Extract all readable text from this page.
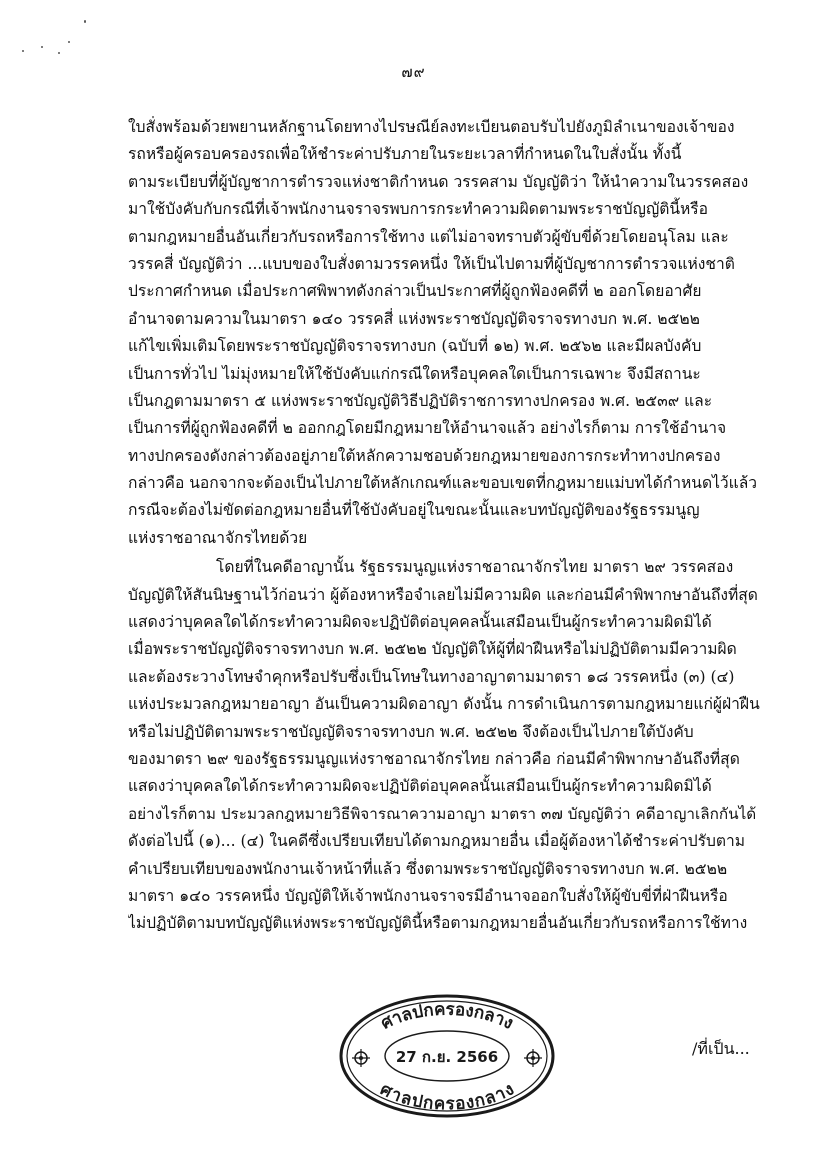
๗๙
ใบสั่งพร้อมด้วยพยานหลักฐานโดยทางไปรษณีย์ลงทะเบียนตอบรับไปยังภูมิลำเนาของเจ้าของ
รถหรือผู้ครอบครองรถเพื่อให้ชำระค่าปรับภายในระยะเวลาที่กำหนดในใบสั่งนั้น ทั้งนี้
ตามระเบียบที่ผู้บัญชาการตำรวจแห่งชาติกำหนด วรรคสาม บัญญัติว่า ให้นำความในวรรคสอง
มาใช้บังคับกับกรณีที่เจ้าพนักงานจราจรพบการกระทำความผิดตามพระราชบัญญัตินี้หรือ
ตามกฎหมายอื่นอันเกี่ยวกับรถหรือการใช้ทาง แต่ไม่อาจทราบตัวผู้ขับขี่ด้วยโดยอนุโลม และ
วรรคสี่ บัญญัติว่า ...แบบของใบสั่งตามวรรคหนึ่ง ให้เป็นไปตามที่ผู้บัญชาการตำรวจแห่งชาติ
ประกาศกำหนด เมื่อประกาศพิพาทดังกล่าวเป็นประกาศที่ผู้ถูกฟ้องคดีที่ ๒ ออกโดยอาศัย
อำนาจตามความในมาตรา ๑๔๐ วรรคสี่ แห่งพระราชบัญญัติจราจรทางบก พ.ศ. ๒๕๒๒
แก้ไขเพิ่มเติมโดยพระราชบัญญัติจราจรทางบก (ฉบับที่ ๑๒) พ.ศ. ๒๕๖๒ และมีผลบังคับ
เป็นการทั่วไป ไม่มุ่งหมายให้ใช้บังคับแก่กรณีใดหรือบุคคลใดเป็นการเฉพาะ จึงมีสถานะ
เป็นกฎตามมาตรา ๕ แห่งพระราชบัญญัติวิธีปฏิบัติราชการทางปกครอง พ.ศ. ๒๕๓๙ และ
เป็นการที่ผู้ถูกฟ้องคดีที่ ๒ ออกกฎโดยมีกฎหมายให้อำนาจแล้ว อย่างไรก็ตาม การใช้อำนาจ
ทางปกครองดังกล่าวต้องอยู่ภายใต้หลักความชอบด้วยกฎหมายของการกระทำทางปกครอง
กล่าวคือ นอกจากจะต้องเป็นไปภายใต้หลักเกณฑ์และขอบเขตที่กฎหมายแม่บทได้กำหนดไว้แล้ว
กรณีจะต้องไม่ขัดต่อกฎหมายอื่นที่ใช้บังคับอยู่ในขณะนั้นและบทบัญญัติของรัฐธรรมนูญ
แห่งราชอาณาจักรไทยด้วย
โดยที่ในคดีอาญานั้น รัฐธรรมนูญแห่งราชอาณาจักรไทย มาตรา ๒๙ วรรคสอง
บัญญัติให้สันนิษฐานไว้ก่อนว่า ผู้ต้องหาหรือจำเลยไม่มีความผิด และก่อนมีคำพิพากษาอันถึงที่สุด
แสดงว่าบุคคลใดได้กระทำความผิดจะปฏิบัติต่อบุคคลนั้นเสมือนเป็นผู้กระทำความผิดมิได้
เมื่อพระราชบัญญัติจราจรทางบก พ.ศ. ๒๕๒๒ บัญญัติให้ผู้ที่ฝ่าฝืนหรือไม่ปฏิบัติตามมีความผิด
และต้องระวางโทษจำคุกหรือปรับซึ่งเป็นโทษในทางอาญาตามมาตรา ๑๘ วรรคหนึ่ง (๓) (๔)
แห่งประมวลกฎหมายอาญา อันเป็นความผิดอาญา ดังนั้น การดำเนินการตามกฎหมายแก่ผู้ฝ่าฝืน
หรือไม่ปฏิบัติตามพระราชบัญญัติจราจรทางบก พ.ศ. ๒๕๒๒ จึงต้องเป็นไปภายใต้บังคับ
ของมาตรา ๒๙ ของรัฐธรรมนูญแห่งราชอาณาจักรไทย กล่าวคือ ก่อนมีคำพิพากษาอันถึงที่สุด
แสดงว่าบุคคลใดได้กระทำความผิดจะปฏิบัติต่อบุคคลนั้นเสมือนเป็นผู้กระทำความผิดมิได้
อย่างไรก็ตาม ประมวลกฎหมายวิธีพิจารณาความอาญา มาตรา ๓๗ บัญญัติว่า คดีอาญาเลิกกันได้
ดังต่อไปนี้ (๑)... (๔) ในคดีซึ่งเปรียบเทียบได้ตามกฎหมายอื่น เมื่อผู้ต้องหาได้ชำระค่าปรับตาม
คำเปรียบเทียบของพนักงานเจ้าหน้าที่แล้ว ซึ่งตามพระราชบัญญัติจราจรทางบก พ.ศ. ๒๕๒๒
มาตรา ๑๔๐ วรรคหนึ่ง บัญญัติให้เจ้าพนักงานจราจรมีอำนาจออกใบสั่งให้ผู้ขับขี่ที่ฝ่าฝืนหรือ
ไม่ปฏิบัติตามบทบัญญัติแห่งพระราชบัญญัตินี้หรือตามกฎหมายอื่นอันเกี่ยวกับรถหรือการใช้ทาง
ศาลปกครองกลาง
ศาลปกครองกลาง
27 ก.ย. 2566	/ที่เป็น...
